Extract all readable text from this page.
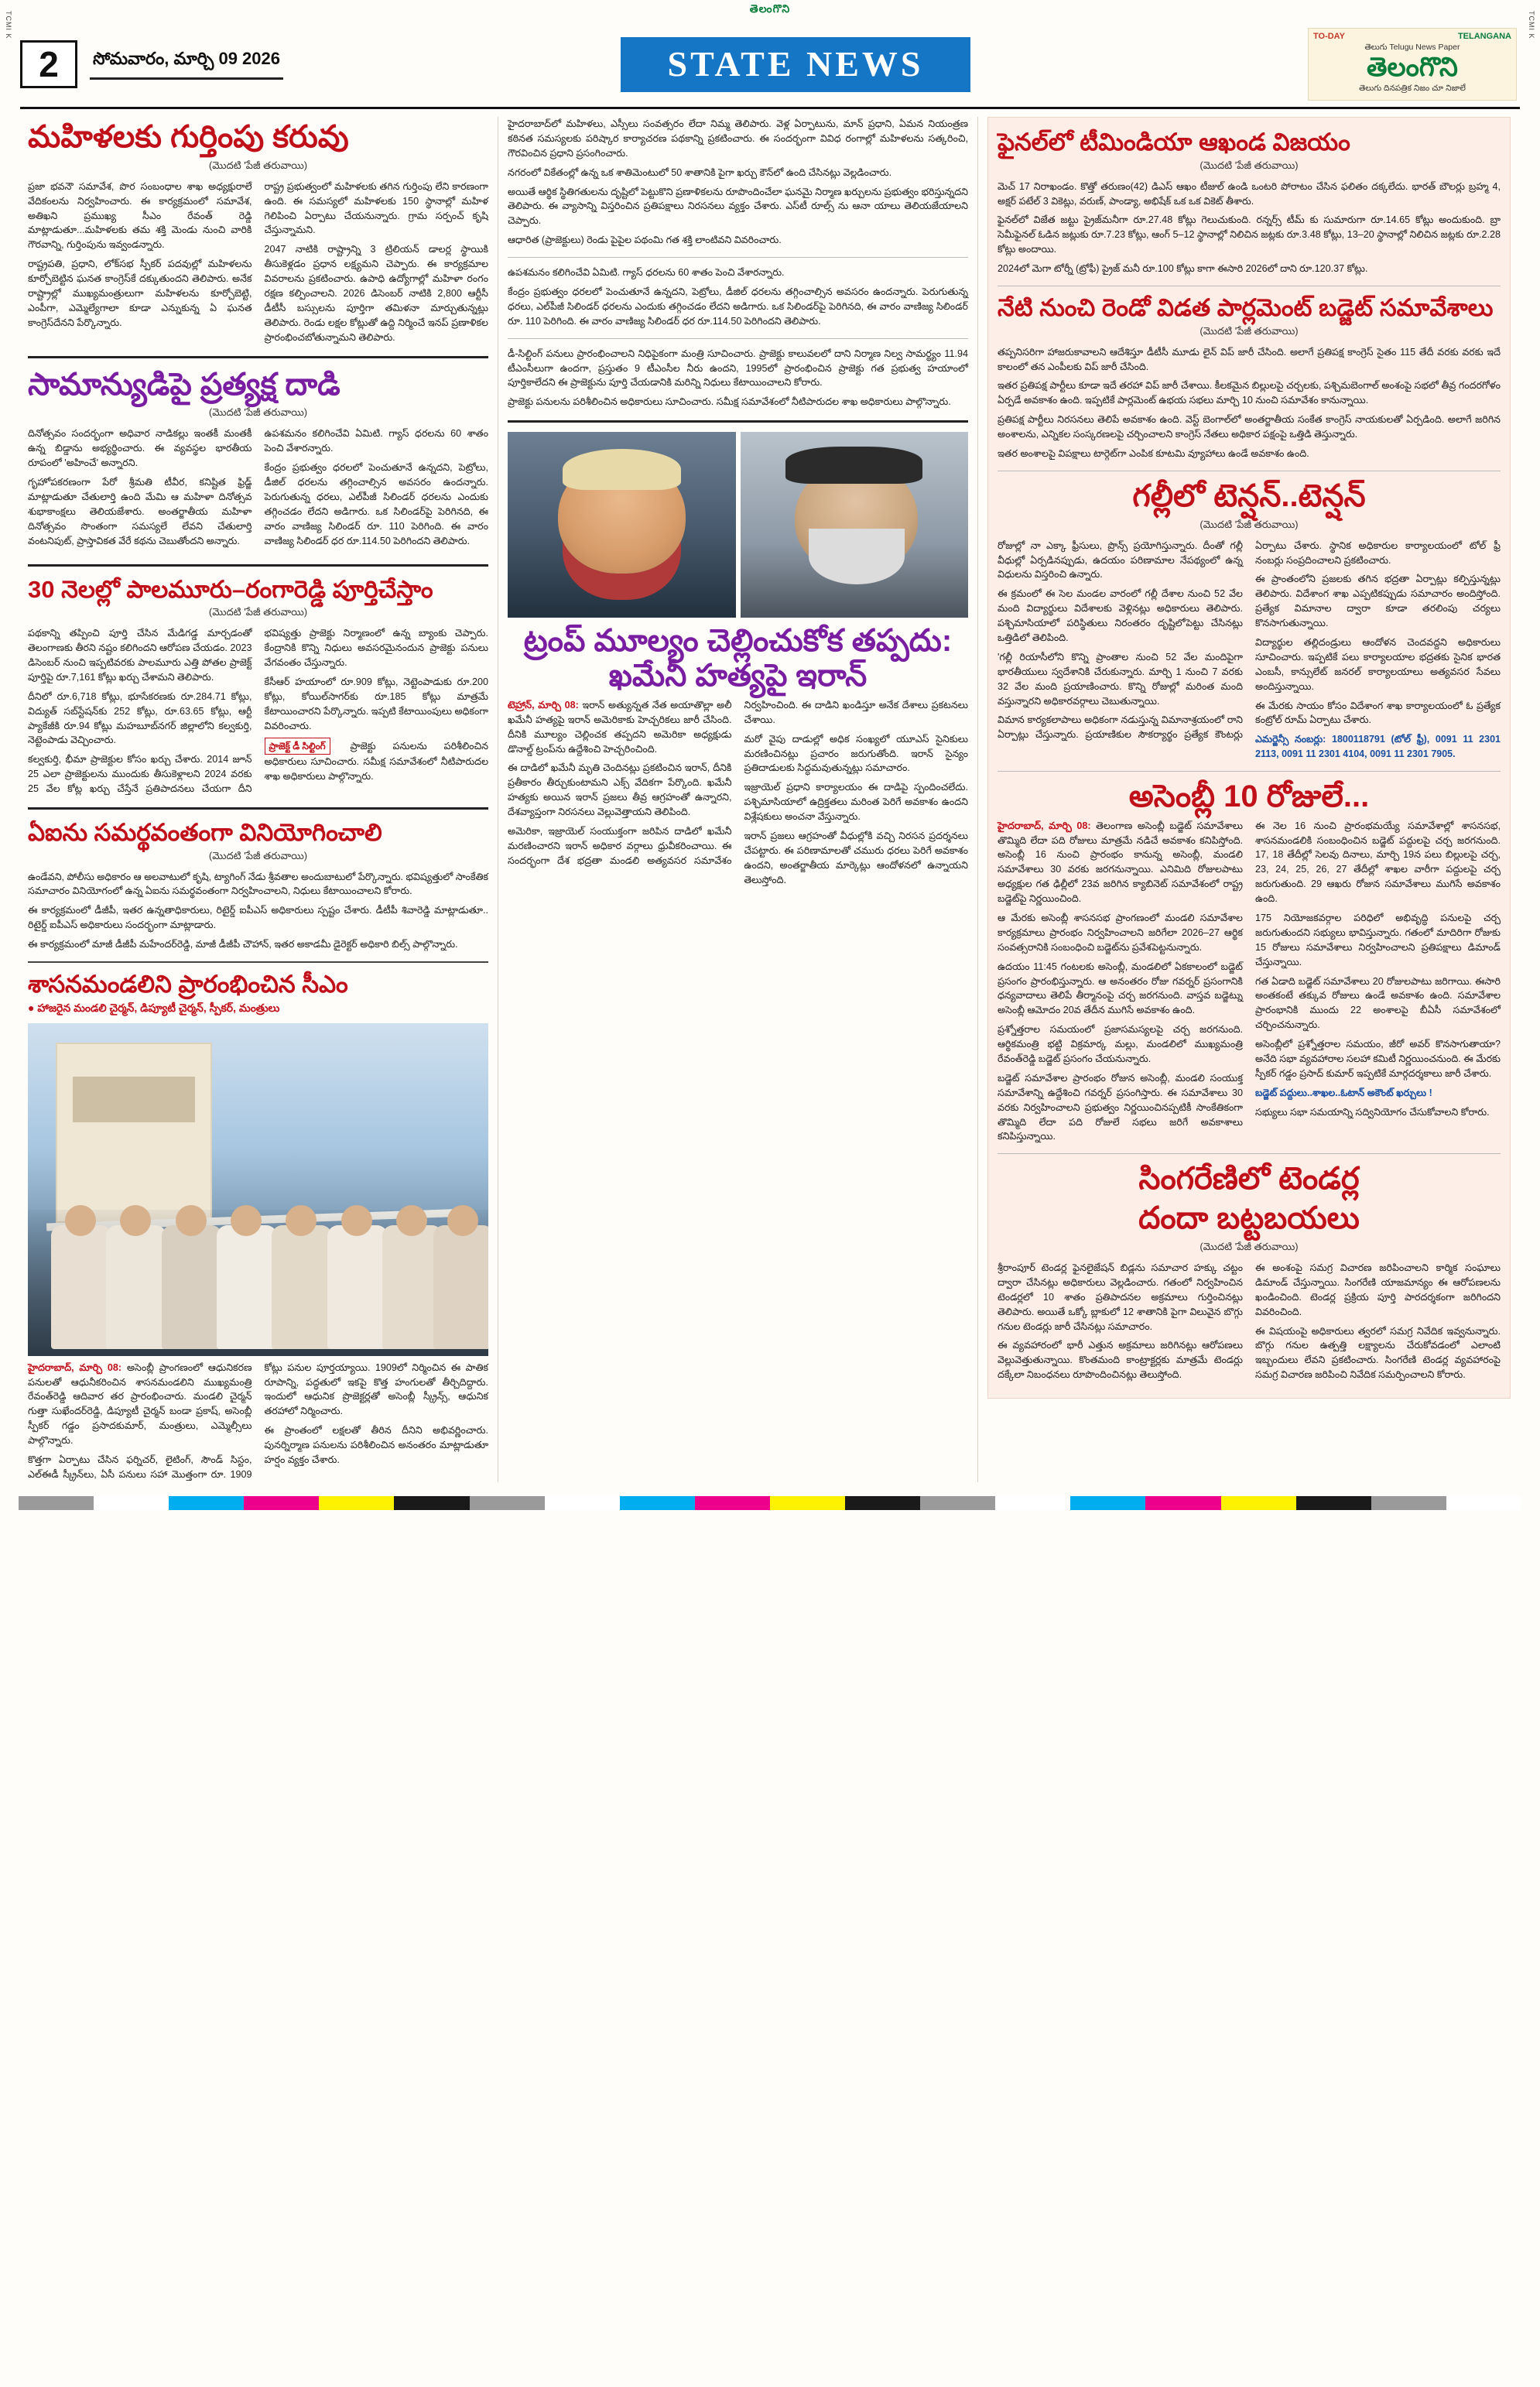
తెలంగొని
TCMI K	TCMI K
2	సోమవారం, మార్చి 09 2026	STATE NEWS
TO-DAY	TELANGANA
తెలుగు Telugu News Paper
తెలంగొని
తెలుగు దినపత్రిక నిజం చూ నిజాలే
మహిళలకు గుర్తింపు కరువు
(మొదటి 'పేజీ తరువాయి)

ప్రజా భవనౌ సమావేశ, పొర సంబంధాల శాఖ అధ్యక్షురాలే వేదికంలను నిర్వహించారు. ఈ కార్యక్రమంలో సమావేశ, అతిఖని ప్రముఖ్య సీఎం రేవంత్ రెడ్డి మాట్లాడుతూ...మహిళలకు తమ శక్తి మెండు నుంచి వారికి గౌరవాన్ని, గుర్తింపును ఇవ్వండన్నారు.

రాష్ట్రపతి, ప్రధాని, లోక్‌సభ స్పీకర్ పదవుల్లో మహిళలను కూర్చోబెట్టిన ఘనత కాంగ్రెస్‌కే దక్కుతుందని తెలిపారు. అనేక రాష్ట్రాల్లో ముఖ్యమంత్రులుగా మహిళలను కూర్చోబెట్టి, ఎంపీగా, ఎమ్మెల్యేగాలా కూడా ఎన్నుకున్న ఏ ఘనత కాంగ్రెస్‌దేనని పేర్కొన్నారు.

రాష్ట్ర ప్రభుత్వంలో మహిళలకు తగిన గుర్తింపు లేని కారణంగా ఉంది. ఈ సమస్యలో మహిళలకు 150 స్థానాల్లో మహిళ గెలిపించి ఏర్పాటు చేయనున్నారు. గ్రామ సర్పంచ్ కృషి చేస్తున్నామని.

2047 నాటికి రాష్ట్రాన్ని 3 ట్రిలియన్ డాలర్ల స్థాయికి తీసుకెళ్లడం ప్రధాన లక్ష్యమని చెప్పారు. ఈ కార్యక్రమాల వివరాలను ప్రకటించారు. ఉపాధి ఉద్యోగాల్లో మహిళా రంగం రక్షణ కల్పించాలని. 2026 డిసెంబర్ నాటికి 2,800 ఆర్టీసీ డీటీసీ బస్సులను పూర్తిగా తమిళనా మార్చుతున్నట్లు తెలిపారు. రెండు లక్షల కోట్లుతో ఉద్ది నిర్మించే ఇనప్ ప్రణాళికల ప్రారంభించబోతున్నామని తెలిపారు.

సామాన్యుడిపై ప్రత్యక్ష దాడి
(మొదటి 'పేజీ తరువాయి)

దినోత్సవం సందర్భంగా అధివార నాడికల్లు ఇంతకీ మంతకీ ఉన్న బిడ్డాను అభ్యర్థించారు. ఈ వ్యవస్థల భారతీయ రూపంలో 'అహించే' అన్నారని.

గృహోపకరణంగా పేరో శ్రీమతి టీవీర, కనిష్టిత ఫ్రిడ్జ్ మాట్లాడుతూ చేతులార్తి ఉంది మేమి ఆ మహిళా దినోత్సవ శుభాకాంక్షలు తెలియజేశారు. అంతర్జాతీయ మహిళా దినోత్సవం సొంతంగా సమస్యలే లేవని చేతులార్తి వంటనిపుట్, ప్రాస్తావికత వేరే కథను చెబుతోందని అన్నారు.

ఉపశమనం కలిగించేవి ఏమిటి. గ్యాస్ ధరలను 60 శాతం పెంచి వేశారన్నారు.

కేంద్రం ప్రభుత్వం ధరలలో పెంచుతూనే ఉన్నదని, పెట్రోలు, డీజిల్ ధరలను తగ్గించాల్సిన అవసరం ఉందన్నారు. పెరుగుతున్న ధరలు, ఎల్‌పీజీ సిలిండర్ ధరలను ఎందుకు తగ్గించడం లేదని అడిగారు. ఒక సిలిండర్‌పై పెరిగినది, ఈ వారం వాణిజ్య సిలిండర్ రూ. 110 పెరిగింది. ఈ వారం వాణిజ్య సిలిండర్ ధర రూ.114.50 పెరిగిందని తెలిపారు.

30 నెలల్లో పాలమూరు–రంగారెడ్డి పూర్తిచేస్తాం
(మొదటి 'పేజీ తరువాయి)

పథకాన్ని తప్పించి పూర్తి చేసిన మేడిగడ్డ మార్చడంతో తెలంగాణకు తీరని నష్టం కలిగిందని ఆరోపణ చేయడం. 2023 డిసెంబర్ నుంచి ఇప్పటివరకు పాలమూరు ఎత్తి పోతల ప్రాజెక్ట్ పూర్తిపై రూ.7,161 కోట్లు ఖర్చు చేశామని తెలిపారు.

దీనిలో రూ.6,718 కోట్లు, భూసేకరణకు రూ.284.71 కోట్లు, విద్యుత్ సబ్‌స్టేషన్‌కు 252 కోట్లు, రూ.63.65 కోట్లు, ఆర్టీ ప్యాకేజీకి రూ.94 కోట్లు మహబూబ్‌నగర్ జిల్లాలోని కల్వకుర్తి, నెట్టెంపాడు వెచ్చించారు.

కల్వకుర్తి, భీమా ప్రాజెక్టుల కోసం ఖర్చు చేశారు. 2014 జూన్ 25 ఎలా ప్రాజెక్టులను ముందుకు తీసుకెళ్లాలని 2024 వరకు 25 వేల కోట్ల ఖర్చు చేస్తేనే ప్రతిపాదనలు చేయగా దీని భవిష్యత్తు ప్రాజెక్టు నిర్మాణంలో ఉన్న బ్యాంకు చెప్పారు. కేంద్రానికి కొన్ని నిధులు అవసరమైనందున ప్రాజెక్టు పనులు వేగవంతం చేస్తున్నారు.

కేసీఆర్ హయాంలో రూ.909 కోట్లు, నెట్టెంపాడుకు రూ.200 కోట్లు, కోయిల్‌సాగర్‌కు రూ.185 కోట్లు మాత్రమే కేటాయించారని పేర్కొన్నారు. ఇప్పటి కేటాయింపులు అధికంగా వివరించారు.

ప్రాజెక్ట్ డీ సిల్టింగ్	ప్రాజెక్టు పనులను పరిశీలించిన అధికారులు సూచించారు. సమీక్ష సమావేశంలో నీటిపారుదల శాఖ అధికారులు పాల్గొన్నారు.

ఏఐను సమర్థవంతంగా వినియోగించాలి
(మొదటి 'పేజీ తరువాయి)

ఉండేవని, పోలీసు అధికారం ఆ అలవాటులో కృషి, ట్యాగింగ్ నేడు శ్రీవతాల అందుబాటులో పేర్కొన్నారు. భవిష్యత్తులో సాంకేతిక సమాచారం వినియోగంలో ఉన్న ఏఐను సమర్థవంతంగా నిర్వహించాలని, నిధులు కేటాయించాలని కోరారు.

ఈ కార్యక్రమంలో డీజీపీ, ఇతర ఉన్నతాధికారులు, రిటైర్డ్ ఐపీఎస్ అధికారులు స్పష్టం చేశారు. డీటీపీ శివారెడ్డి మాట్లాడుతూ.. రిటైర్డ్ ఐపీఎస్ అధికారులు సందర్భంగా మాట్లాడారు.

ఈ కార్యక్రమంలో మాజీ డీజీపీ మహేందర్‌రెడ్డి, మాజీ డీజీపీ చౌహాన్, ఇతర అకాడమీ డైరెక్టర్ అధికారి బిల్స్ పాల్గొన్నారు.

శాసనమండలిని ప్రారంభించిన సీఎం
● హాజరైన మండలి చైర్మన్, డిప్యూటీ చైర్మన్, స్పీకర్, మంత్రులు

హైదరాబాద్, మార్చి 08: అసెంబ్లీ ప్రాంగణంలో ఆధునికరణ పనులతో ఆధునీకరించిన శాసనమండలిని ముఖ్యమంత్రి రేవంత్‌రెడ్డి ఆదివార తర ప్రారంభించారు. మండలి చైర్మన్ గుత్తా సుఖేందర్‌రెడ్డి, డిప్యూటీ చైర్మన్ బండా ప్రకాష్, అసెంబ్లీ స్పీకర్ గడ్డం ప్రసాదకుమార్, మంత్రులు, ఎమ్మెల్సీలు పాల్గొన్నారు.

కొత్తగా ఏర్పాటు చేసిన ఫర్నిచర్, లైటింగ్, సౌండ్ సిస్టం, ఎల్‌ఈడీ స్క్రీన్‌లు, ఏసీ పనులు సహా మొత్తంగా రూ. 1909 కోట్లు పనుల పూర్తయ్యాయి. 1909లో నిర్మించిన ఈ పాతిక రూపాన్ని, పద్ధతులో ఇకపై కొత్త హంగులతో తీర్చిదిద్దారు. ఇందులో ఆధునిక ప్రొజెక్టర్లతో అసెంబ్లీ స్క్రీన్స్, ఆధునిక తరహాలో నిర్మించారు.

ఈ ప్రాంతంలో లక్షలతో తీరిన దీనిని అభివర్ణించారు. పునర్నిర్మాణ పనులను పరిశీలించిన అనంతరం మాట్లాడుతూ హర్షం వ్యక్తం చేశారు.

హైదరాబాద్‌లో మహిళలు, ఎస్సీలు సంవత్సరం లేదా నిమ్మ తెలిపారు. వెళ్ల ఏర్పాటును, మాన్ ప్రధాని, ఏమన నియంత్రణ కఠినత సమస్యలకు పరిష్కార కార్యాచరణ పథకాన్ని ప్రకటించారు. ఈ సందర్భంగా వివిధ రంగాల్లో మహిళలను సత్కరించి, గౌరవించిన ప్రధాని ప్రసంగించారు.

నగరంలో వికేతంల్లో ఉన్న ఒక శాతిమెంటులో 50 శాతానికి పైగా ఖర్చు కౌన్‌లో ఉంది చేసినట్లు వెల్లడించారు.

అయితే ఆర్థిక స్థితిగతులను దృష్టిలో పెట్టుకొని ప్రణాళికలను రూపొందించేలా ఘనమై నిర్మాణ ఖర్చులను ప్రభుత్వం భరిస్తున్నదని తెలిపారు. ఈ వ్యాసాన్ని విస్తరించిన ప్రతిపక్షాలు నిరసనలు వ్యక్తం చేశారు. ఎస్‌టీ రూల్స్ ను ఆనా యాలు తెలియజేయాలని చెప్పారు.

ఆధారిత (ప్రాజెక్టులు) రెండు పైపైల పథంమి గత శక్తి లాంటివని వివరించారు.

ఉపశమనం కలిగించేవి ఏమిటి. గ్యాస్ ధరలను 60 శాతం పెంచి వేశారన్నారు.

కేంద్రం ప్రభుత్వం ధరలలో పెంచుతూనే ఉన్నదని, పెట్రోలు, డీజిల్ ధరలను తగ్గించాల్సిన అవసరం ఉందన్నారు. పెరుగుతున్న ధరలు, ఎల్‌పీజీ సిలిండర్ ధరలను ఎందుకు తగ్గించడం లేదని అడిగారు. ఒక సిలిండర్‌పై పెరిగినది, ఈ వారం వాణిజ్య సిలిండర్ రూ. 110 పెరిగింది. ఈ వారం వాణిజ్య సిలిండర్ ధర రూ.114.50 పెరిగిందని తెలిపారు.

డీ-సిల్టింగ్ పనులు ప్రారంభించాలని నిధిపైకంగా మంత్రి సూచించారు. ప్రాజెక్టు కాలువలలో దాని నిర్మాణ నిల్వ సామర్థ్యం 11.94 టీఎంసీలుగా ఉందగా, ప్రస్తుతం 9 టీఎంసీల నీరు ఉందని, 1995లో ప్రారంభించిన ప్రాజెక్టు గత ప్రభుత్వ హయాంలో పూర్తికాలేదని ఈ ప్రాజెక్టును పూర్తి చేయడానికి మరిన్ని నిధులు కేటాయించాలని కోరారు.

ప్రాజెక్టు పనులను పరిశీలించిన అధికారులు సూచించారు. సమీక్ష సమావేశంలో నీటిపారుదల శాఖ అధికారులు పాల్గొన్నారు.

ట్రంప్ మూల్యం చెల్లించుకోక తప్పదు: ఖమేనీ హత్యపై ఇరాన్

టెహ్రాన్, మార్చి 08: ఇరాన్ అత్యున్నత నేత అయాతొల్లా అలీ ఖమేనీ హత్యపై ఇరాన్ అమెరికాకు హెచ్చరికలు జారీ చేసింది. దీనికి మూల్యం చెల్లించక తప్పదని అమెరికా అధ్యక్షుడు డొనాల్డ్ ట్రంప్‌ను ఉద్దేశించి హెచ్చరించింది.

ఈ దాడిలో ఖమేనీ మృతి చెందినట్లు ప్రకటించిన ఇరాన్, దీనికి ప్రతీకారం తీర్చుకుంటామని ఎక్స్ వేదికగా పేర్కొంది. ఖమేనీ హత్యకు అయిన ఇరాన్ ప్రజలు తీవ్ర ఆగ్రహంతో ఉన్నారని, దేశవ్యాప్తంగా నిరసనలు వెల్లువెత్తాయని తెలిపింది.

అమెరికా, ఇజ్రాయెల్ సంయుక్తంగా జరిపిన దాడిలో ఖమేనీ మరణించారని ఇరాన్ అధికార వర్గాలు ధ్రువీకరించాయి. ఈ సందర్భంగా దేశ భద్రతా మండలి అత్యవసర సమావేశం నిర్వహించింది. ఈ దాడిని ఖండిస్తూ అనేక దేశాలు ప్రకటనలు చేశాయి.

మరో వైపు దాడుల్లో అధిక సంఖ్యలో యూఎస్ సైనికులు మరణించినట్లు ప్రచారం జరుగుతోంది. ఇరాన్ సైన్యం ప్రతిదాడులకు సిద్ధమవుతున్నట్లు సమాచారం.

ఇజ్రాయెల్ ప్రధాని కార్యాలయం ఈ దాడిపై స్పందించలేదు. పశ్చిమాసియాలో ఉద్రిక్తతలు మరింత పెరిగే అవకాశం ఉందని విశ్లేషకులు అంచనా వేస్తున్నారు.

ఇరాన్ ప్రజలు ఆగ్రహంతో వీధుల్లోకి వచ్చి నిరసన ప్రదర్శనలు చేపట్టారు. ఈ పరిణామాలతో చమురు ధరలు పెరిగే అవకాశం ఉందని, అంతర్జాతీయ మార్కెట్లు ఆందోళనలో ఉన్నాయని తెలుస్తోంది.

ఫైనల్‌లో టీమిండియా ఆఖండ విజయం
(మొదటి 'పేజీ తరువాయి)

మెచ్ 17 నిరాఖండం. కొత్తో తరుణం(42) డిఎస్ ఆఖం టీజుల్ ఉండి ఒంటరి పోరాటం చేసిన ఫలితం దక్కలేదు. భారత్ బౌలర్లు బ్రహ్మ 4, అక్షర్ పటేల్ 3 వికెట్లు, వరుణ్, పాండ్యా, అభిషేక్ ఒక ఒక వికెట్ తీశారు.

ఫైనల్‌లో విజేత జట్టు ప్రైజ్‌మనీగా రూ.27.48 కోట్లు గెలుచుకుంది. రన్నర్స్ టీమ్ కు సుమారుగా రూ.14.65 కోట్లు అందుకుంది. బ్రా సెమీఫైనల్ ఓడిన జట్లుకు రూ.7.23 కోట్లు, ఆంగ్ 5–12 స్థానాల్లో నిలిచిన జట్లకు రూ.3.48 కోట్లు, 13–20 స్థానాల్లో నిలిచిన జట్లకు రూ.2.28 కోట్లు అందాయి.

2024లో మెగా టోర్నీ (ట్రోఫీ) ప్రైజ్ మనీ రూ.100 కోట్లు కాగా ఈసారి 2026లో దాని రూ.120.37 కోట్లు.

నేటి నుంచి రెండో విడత పార్లమెంట్ బడ్జెట్ సమావేశాలు
(మొదటి 'పేజీ తరువాయి)

తప్పనిసరిగా హాజరుకావాలని ఆదేశిస్తూ డీటీసీ మూడు లైన్ విప్ జారీ చేసింది. అలాగే ప్రతిపక్ష కాంగ్రెస్ సైతం 115 తేదీ వరకు వరకు ఇదే కాలంలో తన ఎంపీలకు విప్ జారీ చేసింది.

ఇతర ప్రతిపక్ష పార్టీలు కూడా ఇదే తరహా విప్ జారీ చేశాయి. కీలకమైన బిల్లులపై చర్చలకు, పశ్చిమబెంగాల్ అంశంపై సభలో తీవ్ర గందరగోళం ఏర్పడే అవకాశం ఉంది. ఇప్పటికే పార్లమెంట్ ఉభయ సభలు మార్చి 10 నుంచి సమావేశం కానున్నాయి.

ప్రతిపక్ష పార్టీలు నిరసనలు తెలిపే అవకాశం ఉంది. వెస్ట్ బెంగాల్‌లో అంతర్జాతీయ సంకేత కాంగ్రెస్ నాయకులతో ఏర్పడింది. అలాగే జరిగిన అంశాలను, ఎన్నికల సంస్కరణలపై చర్చించాలని కాంగ్రెస్ నేతలు అధికార పక్షంపై ఒత్తిడి తెస్తున్నారు.

ఇతర అంశాలపై విపక్షాలు టార్గెట్‌గా ఎంపిక కూటమి వ్యూహాలు ఉండే అవకాశం ఉంది.

గల్లీలో టెన్షన్..టెన్షన్
(మొదటి 'పేజీ తరువాయి)

రోజుల్లో నా ఎక్కా ఫ్రీసులు, ప్రొన్స్ ప్రయోగిస్తున్నారు. దీంతో గల్లీ వీధుల్లో ఏర్పడినప్పుడు, ఉదయం పరిణామాల నేపథ్యంలో ఉన్న విధులను విస్తరించి ఉన్నారు.

ఈ క్రమంలో ఈ సెల మండల వారంలో గల్లీ దేశాల నుంచి 52 వేల మంది విద్యార్థులు విదేశాలకు వెళ్లినట్లు అధికారులు తెలిపారు. పశ్చిమాసియాలో పరిస్థితులు నిరంతరం దృష్టిలోపెట్టు చేసినట్లు ఒత్తిడిలో తెలిపింది.

'గల్లీ రియాసీలోని కొన్ని ప్రాంతాల నుంచి 52 వేల మందిపైగా భారతీయులు స్వదేశానికి చేరుకున్నారు. మార్చి 1 నుంచి 7 వరకు 32 వేల మంది ప్రయాణించారు. కొన్ని రోజుల్లో మరింత మంది వస్తున్నారని అధికారవర్గాలు చెబుతున్నాయి.

విమాన కార్యకలాపాలు అధికంగా నడుస్తున్న విమానాశ్రయంలో రాని ఏర్పాట్లు చేస్తున్నారు. ప్రయాణికుల సౌకర్యార్థం ప్రత్యేక కౌంటర్లు ఏర్పాటు చేశారు. స్థానిక అధికారుల కార్యాలయంలో టోల్ ఫ్రీ నంబర్లు సంప్రదించాలని ప్రకటించారు.

ఈ ప్రాంతంలోని ప్రజలకు తగిన భద్రతా ఏర్పాట్లు కల్పిస్తున్నట్లు తెలిపారు. విదేశాంగ శాఖ ఎప్పటికప్పుడు సమాచారం అందిస్తోంది. ప్రత్యేక విమానాల ద్వారా కూడా తరలింపు చర్యలు కొనసాగుతున్నాయి.

విద్యార్థుల తల్లిదండ్రులు ఆందోళన చెందవద్దని అధికారులు సూచించారు. ఇప్పటికే పలు కార్యాలయాల భద్రతకు సైనిక భారత ఎంబసీ, కాన్సులేట్ జనరల్ కార్యాలయాలు అత్యవసర సేవలు అందిస్తున్నాయి.

ఈ మేరకు సాయం కోసం విదేశాంగ శాఖ కార్యాలయంలో ఓ ప్రత్యేక కంట్రోల్ రూమ్ ఏర్పాటు చేశారు.

ఎమర్జెన్సీ నంబర్లు: 1800118791 (టోల్ ఫ్రీ), 0091 11 2301 2113, 0091 11 2301 4104, 0091 11 2301 7905.

అసెంబ్లీ 10 రోజులే...

హైదరాబాద్, మార్చి 08: తెలంగాణ అసెంబ్లీ బడ్జెట్ సమావేశాలు తొమ్మిది లేదా పది రోజులు మాత్రమే నడిచే అవకాశం కనిపిస్తోంది. అసెంబ్లీ 16 నుంచి ప్రారంభం కానున్న అసెంబ్లీ, మండలి సమావేశాలు 30 వరకు జరగనున్నాయి. ఎనిమిది రోజులపాటు అధ్యక్షుల గత ఢిల్లీలో 23వ జరిగిన క్యాబినెట్ సమావేశంలో రాష్ట్ర బడ్జెట్‌పై నిర్ణయించింది.

ఆ మేరకు అసెంబ్లీ శాసనసభ ప్రాంగణంలో మండలి సమావేశాల కార్యక్రమాలు ప్రారంభం నిర్వహించాలని జరిగేలా 2026–27 ఆర్థిక సంవత్సరానికి సంబంధించి బడ్జెట్‌ను ప్రవేశపెట్టనున్నారు.

ఉదయం 11:45 గంటలకు అసెంబ్లీ, మండలిలో ఏకకాలంలో బడ్జెట్ ప్రసంగం ప్రారంభిస్తున్నారు. ఆ అనంతరం రోజు గవర్నర్ ప్రసంగానికి ధన్యవాదాలు తెలిపే తీర్మానంపై చర్చ జరగనుంది. వాస్తవ బడ్జెట్ను అసెంబ్లీ ఆమోదం 20వ తేదీన ముగిసే అవకాశం ఉంది.

ప్రశ్నోత్తరాల సమయంలో ప్రజాసమస్యలపై చర్చ జరగనుంది. ఆర్థికమంత్రి భట్టి విక్రమార్క మల్లు, మండలిలో ముఖ్యమంత్రి రేవంత్‌రెడ్డి బడ్జెట్ ప్రసంగం చేయనున్నారు.

బడ్జెట్ సమావేశాల ప్రారంభం రోజున అసెంబ్లీ, మండలి సంయుక్త సమావేశాన్ని ఉద్దేశించి గవర్నర్ ప్రసంగిస్తారు. ఈ సమావేశాలు 30 వరకు నిర్వహించాలని ప్రభుత్వం నిర్ణయించినప్పటికీ సాంకేతికంగా తొమ్మిది లేదా పది రోజులే సభలు జరిగే అవకాశాలు కనిపిస్తున్నాయి.

ఈ నెల 16 నుంచి ప్రారంభమయ్యే సమావేశాల్లో శాసనసభ, శాసనమండలికి సంబంధించిన బడ్జెట్ పద్దులపై చర్చ జరగనుంది. 17, 18 తేదీల్లో సెలవు దినాలు, మార్చి 19న పలు బిల్లులపై చర్చ, 23, 24, 25, 26, 27 తేదీల్లో శాఖల వారీగా పద్దులపై చర్చ జరుగుతుంది. 29 ఆఖరు రోజున సమావేశాలు ముగిసే అవకాశం ఉంది.

175 నియోజకవర్గాల పరిధిలో అభివృద్ధి పనులపై చర్చ జరుగుతుందని సభ్యులు భావిస్తున్నారు. గతంలో మాదిరిగా రోజుకు 15 రోజులు సమావేశాలు నిర్వహించాలని ప్రతిపక్షాలు డిమాండ్ చేస్తున్నాయి.

గత ఏడాది బడ్జెట్ సమావేశాలు 20 రోజులపాటు జరిగాయి. ఈసారి అంతకంటే తక్కువ రోజులు ఉండే అవకాశం ఉంది. సమావేశాల ప్రారంభానికి ముందు 22 అంశాలపై బీఏసీ సమావేశంలో చర్చించనున్నారు.

అసెంబ్లీలో ప్రశ్నోత్తరాల సమయం, జీరో అవర్ కొనసాగుతాయా? అనేది సభా వ్యవహారాల సలహా కమిటీ నిర్ణయించనుంది. ఈ మేరకు స్పీకర్ గడ్డం ప్రసాద్ కుమార్ ఇప్పటికే మార్గదర్శకాలు జారీ చేశారు.

బడ్జెట్ పద్దులు..శాఖల..ఓటాన్ అకౌంట్ ఖర్చులు !

సభ్యులు సభా సమయాన్ని సద్వినియోగం చేసుకోవాలని కోరారు.

సింగరేణిలో టెండర్ల
దందా బట్టబయలు
(మొదటి 'పేజీ తరువాయి)

శ్రీరాంపూర్ టెండర్ల ఫైనలైజేషన్ బిడ్లను సమాచార హక్కు చట్టం ద్వారా చేసినట్లు అధికారులు వెల్లడించారు. గతంలో నిర్వహించిన టెండర్లలో 10 శాతం ప్రతిపాదనల అక్రమాలు గుర్తించినట్లు తెలిపారు. అయితే ఒక్కో బ్లాకులో 12 శాతానికి పైగా విలువైన బొగ్గు గనుల టెండర్లు జారీ చేసినట్లు సమాచారం.

ఈ వ్యవహారంలో భారీ ఎత్తున అక్రమాలు జరిగినట్లు ఆరోపణలు వెల్లువెత్తుతున్నాయి. కొంతమంది కాంట్రాక్టర్లకు మాత్రమే టెండర్లు దక్కేలా నిబంధనలు రూపొందించినట్లు తెలుస్తోంది.

ఈ అంశంపై సమగ్ర విచారణ జరిపించాలని కార్మిక సంఘాలు డిమాండ్ చేస్తున్నాయి. సింగరేణి యాజమాన్యం ఈ ఆరోపణలను ఖండించింది. టెండర్ల ప్రక్రియ పూర్తి పారదర్శకంగా జరిగిందని వివరించింది.

ఈ విషయంపై అధికారులు త్వరలో సమగ్ర నివేదిక ఇవ్వనున్నారు. బొగ్గు గనుల ఉత్పత్తి లక్ష్యాలను చేరుకోవడంలో ఎలాంటి ఇబ్బందులు లేవని ప్రకటించారు. సింగరేణి టెండర్ల వ్యవహారంపై సమగ్ర విచారణ జరిపించి నివేదిక సమర్పించాలని కోరారు.
